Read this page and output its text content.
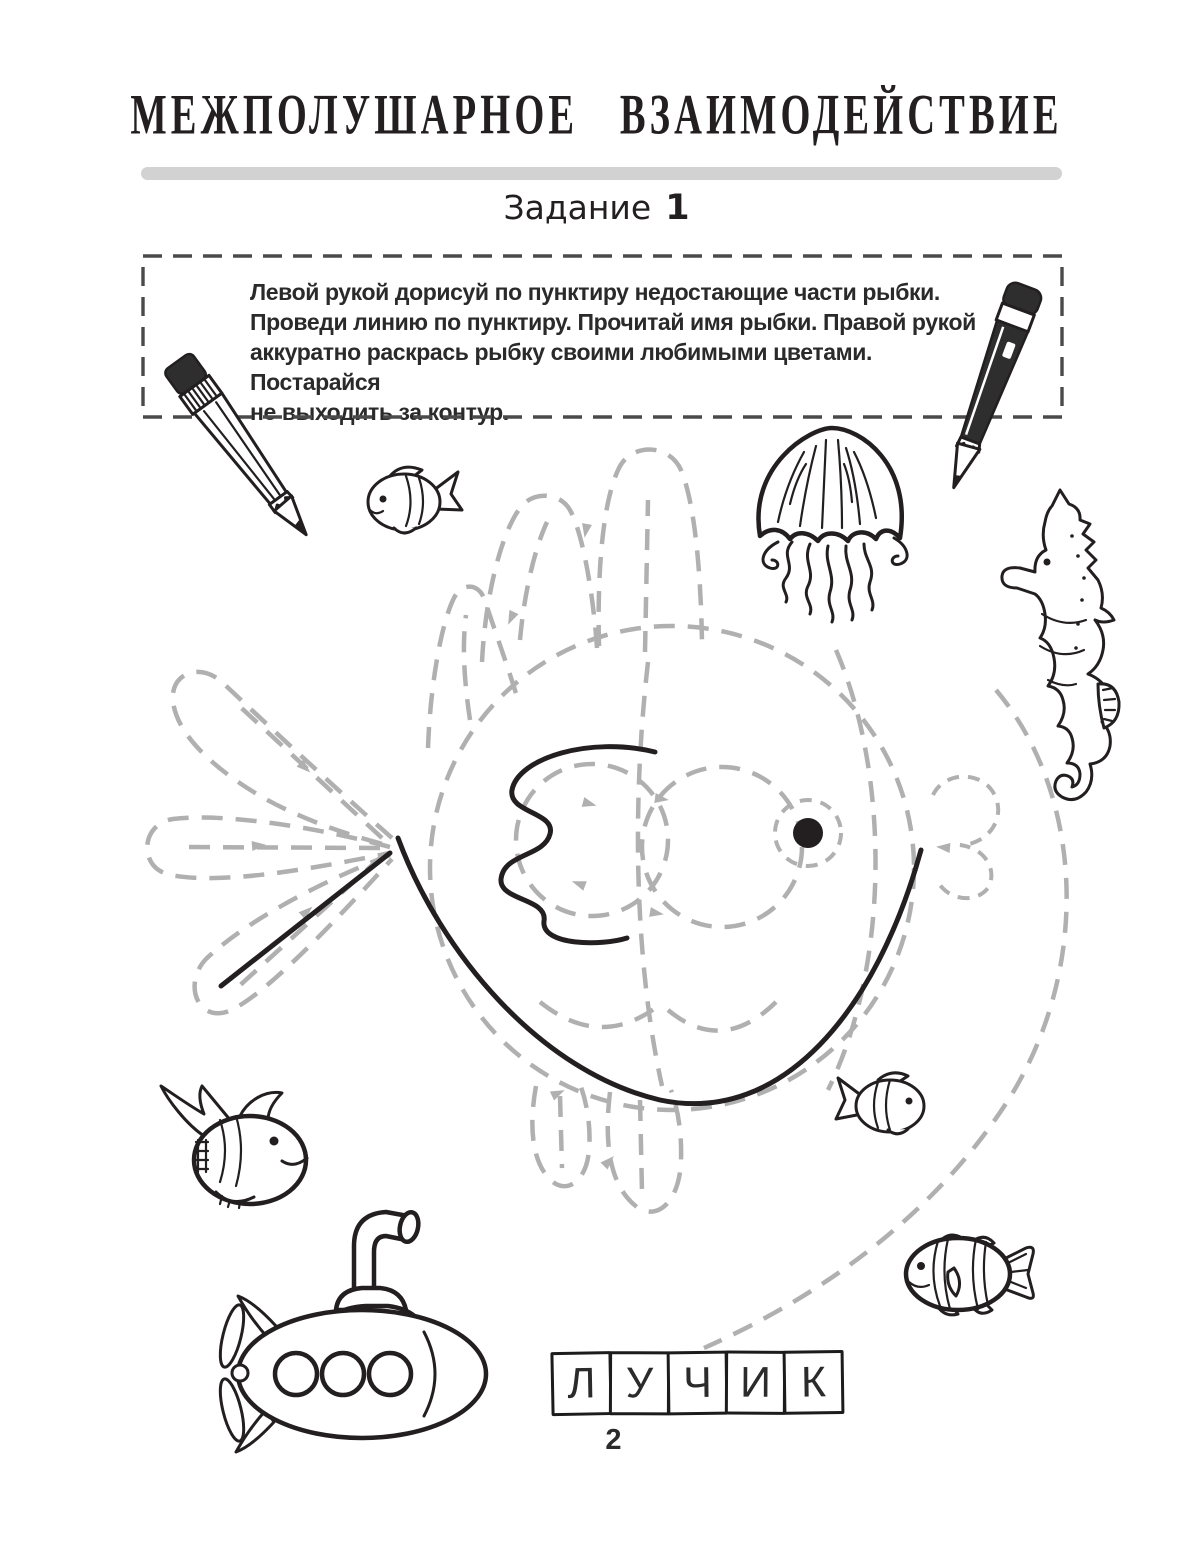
МЕЖПОЛУШАРНОЕ ВЗАИМОДЕЙСТВИЕ
Задание 1
Левой рукой дорисуй по пунктиру недостающие части рыбки.
Проведи линию по пунктиру. Прочитай имя рыбки. Правой рукой
аккуратно раскрась рыбку своими любимыми цветами. Постарайся
не выходить за контур.
Л У Ч И К
2
